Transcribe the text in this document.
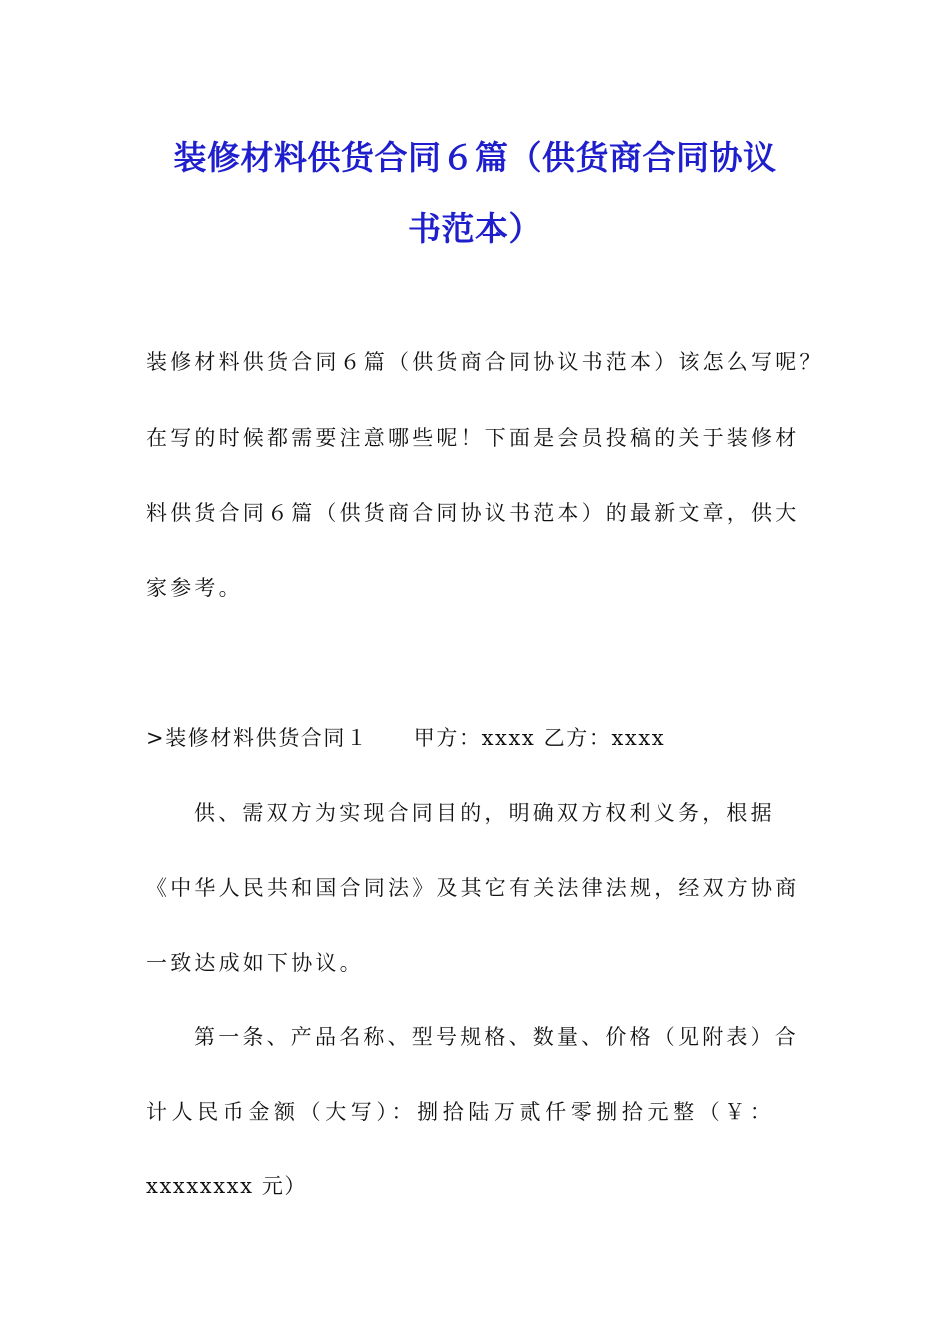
装修材料供货合同６篇（供货商合同协议
书范本）
装修材料供货合同６篇（供货商合同协议书范本）该怎么写呢？
在写的时候都需要注意哪些呢！下面是会员投稿的关于装修材
料供货合同６篇（供货商合同协议书范本）的最新文章，供大
家参考。
>装修材料供货合同１　　甲方：xxxx 乙方：xxxx
供、需双方为实现合同目的，明确双方权利义务，根据
《中华人民共和国合同法》及其它有关法律法规，经双方协商
一致达成如下协议。
第一条、产品名称、型号规格、数量、价格（见附表）合
计人民币金额（大写）：捌拾陆万贰仟零捌拾元整（￥：
xxxxxxxx 元）
